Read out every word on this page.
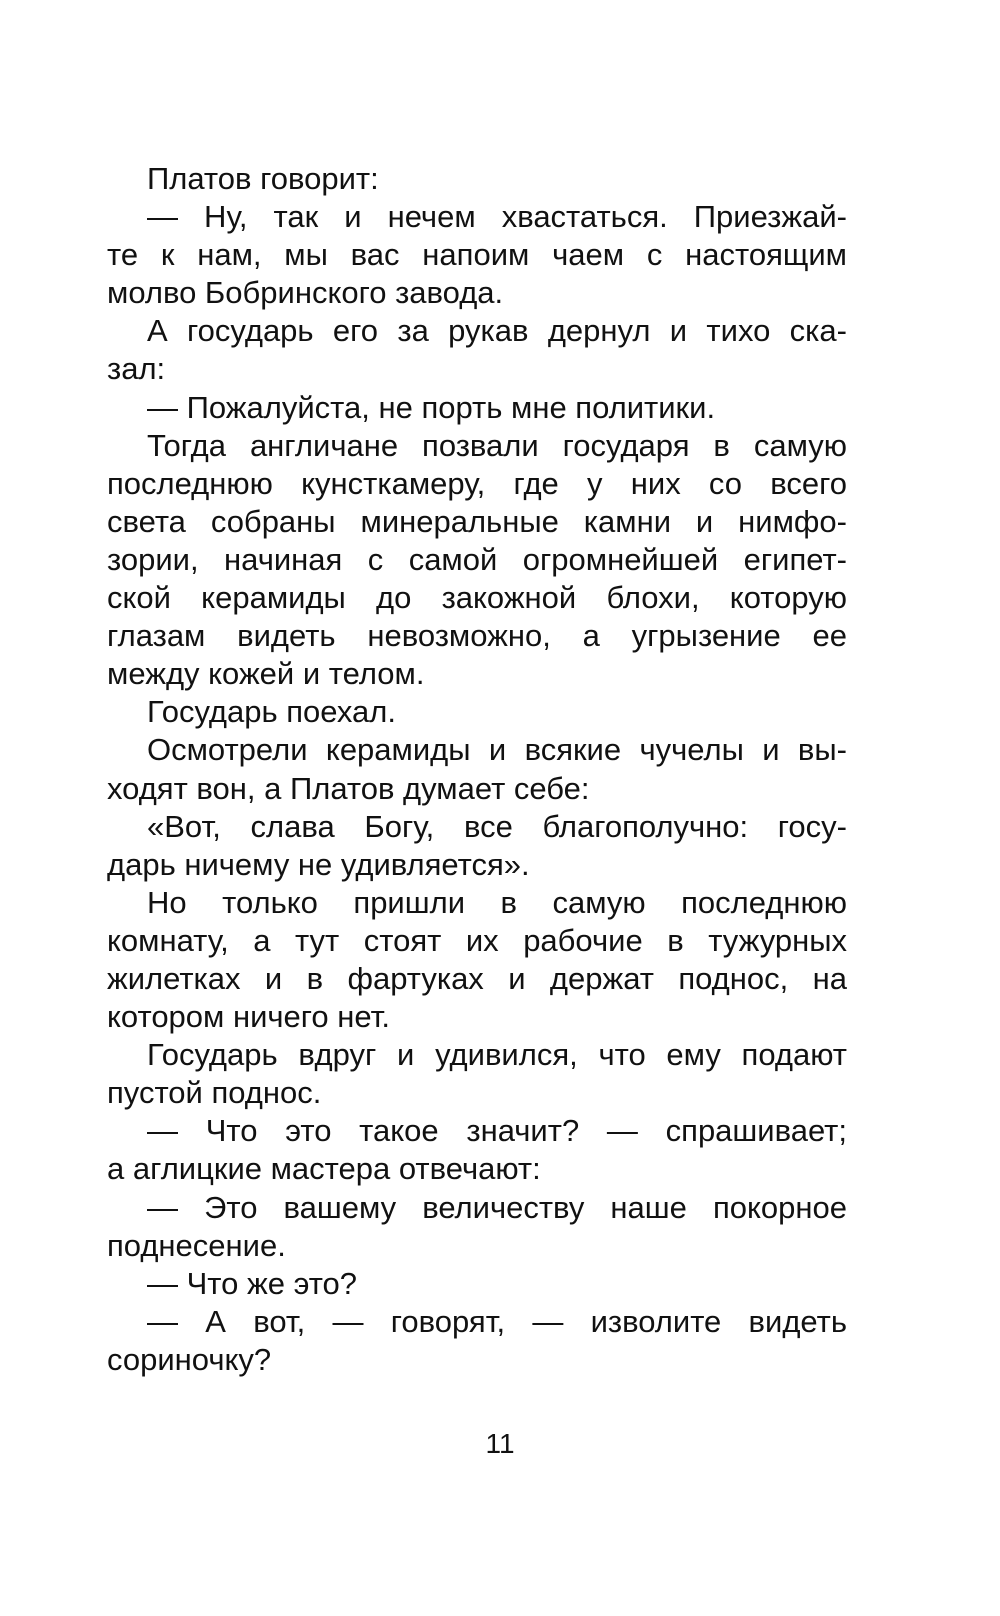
Платов говорит:
— Ну, так и нечем хвастаться. Приезжай-
те к нам, мы вас напоим чаем с настоящим
молво Бобринского завода.
А государь его за рукав дернул и тихо ска-
зал:
— Пожалуйста, не порть мне политики.
Тогда англичане позвали государя в самую
последнюю кунсткамеру, где у них со всего
света собраны минеральные камни и нимфо-
зории, начиная с самой огромнейшей египет-
ской керамиды до закожной блохи, которую
глазам видеть невозможно, а угрызение ее
между кожей и телом.
Государь поехал.
Осмотрели керамиды и всякие чучелы и вы-
ходят вон, а Платов думает себе:
«Вот, слава Богу, все благополучно: госу-
дарь ничему не удивляется».
Но только пришли в самую последнюю
комнату, а тут стоят их рабочие в тужурных
жилетках и в фартуках и держат поднос, на
котором ничего нет.
Государь вдруг и удивился, что ему подают
пустой поднос.
— Что это такое значит? — спрашивает;
а аглицкие мастера отвечают:
— Это вашему величеству наше покорное
поднесение.
— Что же это?
— А вот, — говорят, — изволите видеть
сориночку?
11
